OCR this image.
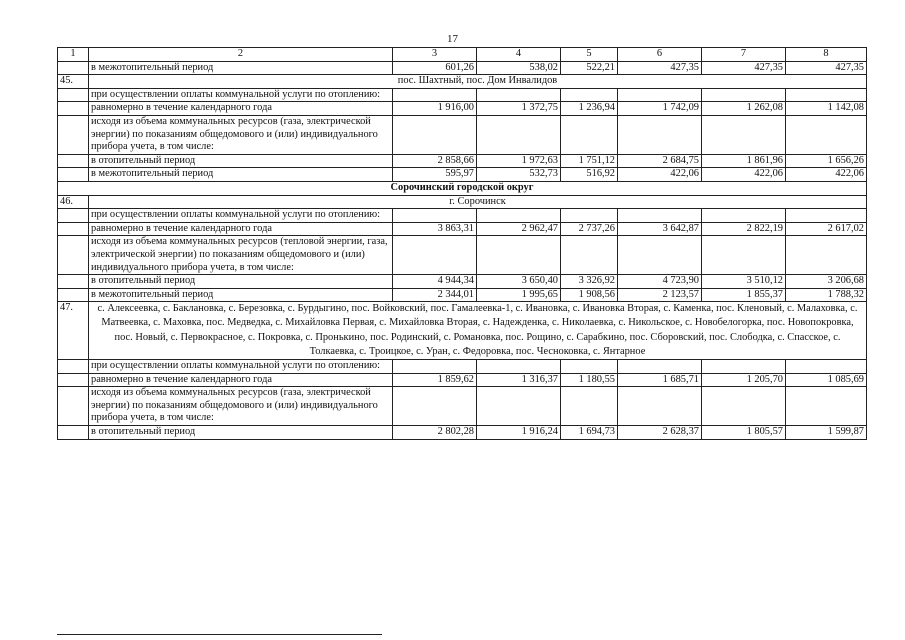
17
1	2	3	4	5	6	7	8
	в межотопительный период	601,26	538,02	522,21	427,35	427,35	427,35
45.	пос. Шахтный, пос. Дом Инвалидов						
	при осуществлении оплаты коммунальной услуги по отоплению:						
	равномерно в течение календарного года	1 916,00	1 372,75	1 236,94	1 742,09	1 262,08	1 142,08
	исходя из объема коммунальных ресурсов (газа, электрической энергии) по показаниям общедомового и (или) индивидуального прибора учета, в том числе:						
	в отопительный период	2 858,66	1 972,63	1 751,12	2 684,75	1 861,96	1 656,26
	в межотопительный период	595,97	532,73	516,92	422,06	422,06	422,06
Сорочинский городской округ							
46.	г. Сорочинск						
	при осуществлении оплаты коммунальной услуги по отоплению:						
	равномерно в течение календарного года	3 863,31	2 962,47	2 737,26	3 642,87	2 822,19	2 617,02
	исходя из объема коммунальных ресурсов (тепловой энергии, газа, электрической энергии) по показаниям общедомового и (или) индивидуального прибора учета, в том числе:						
	в отопительный период	4 944,34	3 650,40	3 326,92	4 723,90	3 510,12	3 206,68
	в межотопительный период	2 344,01	1 995,65	1 908,56	2 123,57	1 855,37	1 788,32
47.	с. Алексеевка, с. Баклановка, с. Березовка, с. Бурдыгино, пос. Войковский, пос. Гамалеевка-1, с. Ивановка, с. Ивановка Вторая, с. Каменка, пос. Кленовый, с. Малаховка, с. Матвеевка, с. Маховка, пос. Медведка, с. Михайловка Первая, с. Михайловка Вторая, с. Надежденка, с. Николаевка, с. Никольское, с. Новобелогорка, пос. Новопокровка, пос. Новый, с. Первокрасное, с. Покровка, с. Пронькино, пос. Родинский, с. Романовка, пос. Рощино, с. Сарабкино, пос. Сборовский, пос. Слободка, с. Спасское, с. Толкаевка, с. Троицкое, с. Уран, с. Федоровка, пос. Чесноковка, с. Янтарное						
	при осуществлении оплаты коммунальной услуги по отоплению:						
	равномерно в течение календарного года	1 859,62	1 316,37	1 180,55	1 685,71	1 205,70	1 085,69
	исходя из объема коммунальных ресурсов (газа, электрической энергии) по показаниям общедомового и (или) индивидуального прибора учета, в том числе:						
	в отопительный период	2 802,28	1 916,24	1 694,73	2 628,37	1 805,57	1 599,87
